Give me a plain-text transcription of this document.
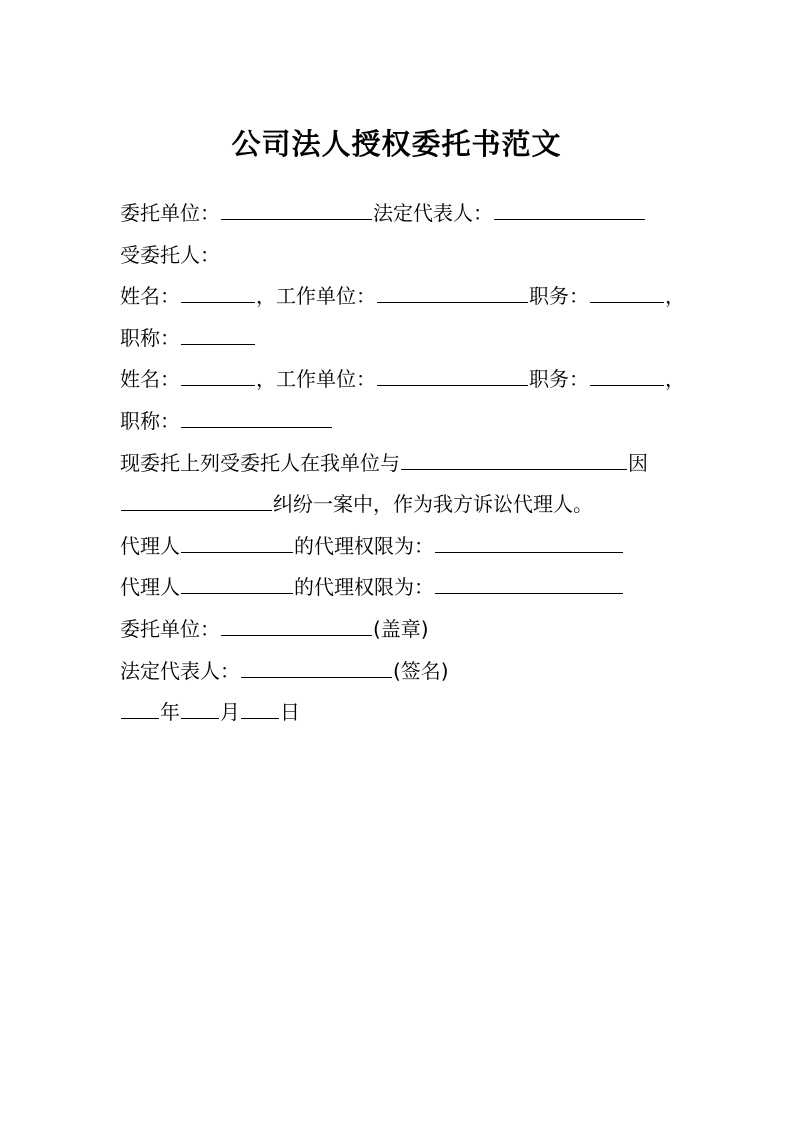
公司法人授权委托书范文
委托单位：	法定代表人：
受委托人：
姓名：	，工作单位：	职务：	，
职称：
姓名：	，工作单位：	职务：	，
职称：
现委托上列受委托人在我单位与	因
纠纷一案中，作为我方诉讼代理人。
代理人	的代理权限为：
代理人	的代理权限为：
委托单位：	(盖章)
法定代表人：	(签名)
年 月 日
